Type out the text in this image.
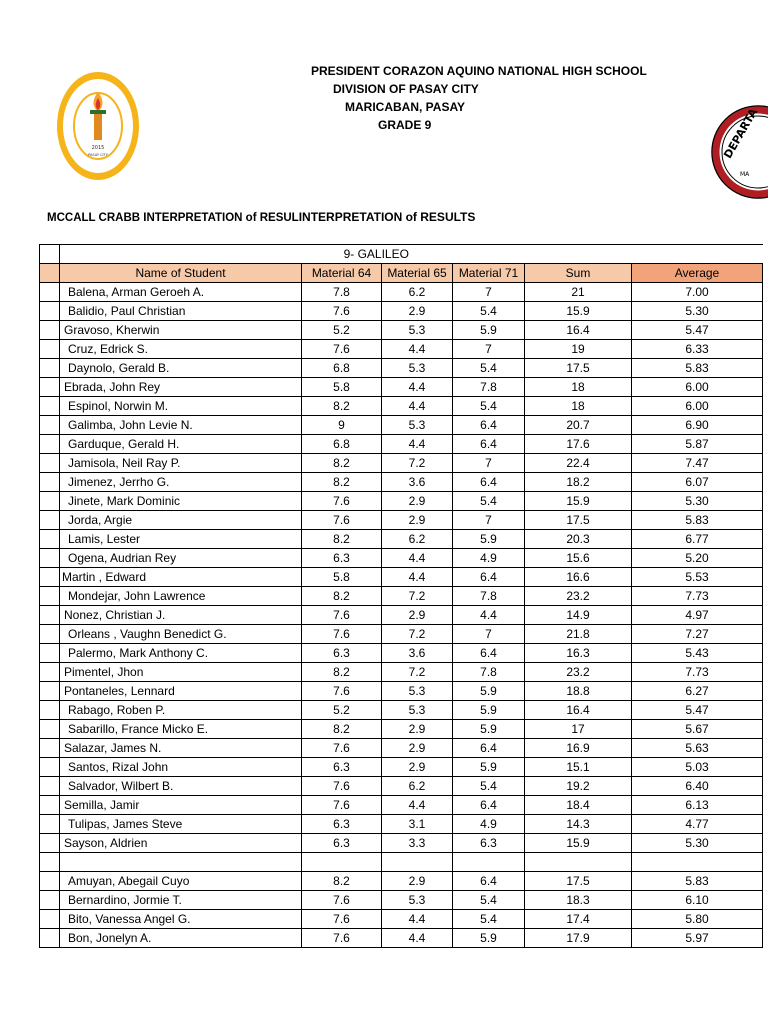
PRESIDENT CORAZON AQUINO NATIONAL HIGH SCHOOL
DIVISION OF PASAY CITY
MARICABAN, PASAY
GRADE 9
2015
PASAY CITY	DEPARTA
MA
MCCALL CRABB INTERPRETATION of RESULINTERPRETATION of RESULTS
	9- GALILEO					
	Name of Student	Material 64	Material 65	Material 71	Sum	Average
	Balena, Arman Geroeh A.	7.8	6.2	7	21	7.00
	Balidio, Paul Christian	7.6	2.9	5.4	15.9	5.30
	Gravoso, Kherwin	5.2	5.3	5.9	16.4	5.47
	Cruz, Edrick S.	7.6	4.4	7	19	6.33
	Daynolo, Gerald B.	6.8	5.3	5.4	17.5	5.83
	Ebrada, John Rey	5.8	4.4	7.8	18	6.00
	Espinol, Norwin M.	8.2	4.4	5.4	18	6.00
	Galimba, John Levie N.	9	5.3	6.4	20.7	6.90
	Garduque, Gerald H.	6.8	4.4	6.4	17.6	5.87
	Jamisola, Neil Ray P.	8.2	7.2	7	22.4	7.47
	Jimenez, Jerrho G.	8.2	3.6	6.4	18.2	6.07
	Jinete, Mark Dominic	7.6	2.9	5.4	15.9	5.30
	Jorda, Argie	7.6	2.9	7	17.5	5.83
	Lamis, Lester	8.2	6.2	5.9	20.3	6.77
	Ogena, Audrian Rey	6.3	4.4	4.9	15.6	5.20
	Martin , Edward	5.8	4.4	6.4	16.6	5.53
	Mondejar, John Lawrence	8.2	7.2	7.8	23.2	7.73
	Nonez, Christian J.	7.6	2.9	4.4	14.9	4.97
	Orleans , Vaughn Benedict G.	7.6	7.2	7	21.8	7.27
	Palermo, Mark Anthony C.	6.3	3.6	6.4	16.3	5.43
	Pimentel, Jhon	8.2	7.2	7.8	23.2	7.73
	Pontaneles, Lennard	7.6	5.3	5.9	18.8	6.27
	Rabago, Roben P.	5.2	5.3	5.9	16.4	5.47
	Sabarillo, France Micko E.	8.2	2.9	5.9	17	5.67
	Salazar, James N.	7.6	2.9	6.4	16.9	5.63
	Santos, Rizal John	6.3	2.9	5.9	15.1	5.03
	Salvador, Wilbert B.	7.6	6.2	5.4	19.2	6.40
	Semilla, Jamir	7.6	4.4	6.4	18.4	6.13
	Tulipas, James Steve	6.3	3.1	4.9	14.3	4.77
	Sayson, Aldrien	6.3	3.3	6.3	15.9	5.30

	Amuyan, Abegail Cuyo	8.2	2.9	6.4	17.5	5.83
	Bernardino, Jormie T.	7.6	5.3	5.4	18.3	6.10
	Bito, Vanessa Angel G.	7.6	4.4	5.4	17.4	5.80
	Bon, Jonelyn A.	7.6	4.4	5.9	17.9	5.97
